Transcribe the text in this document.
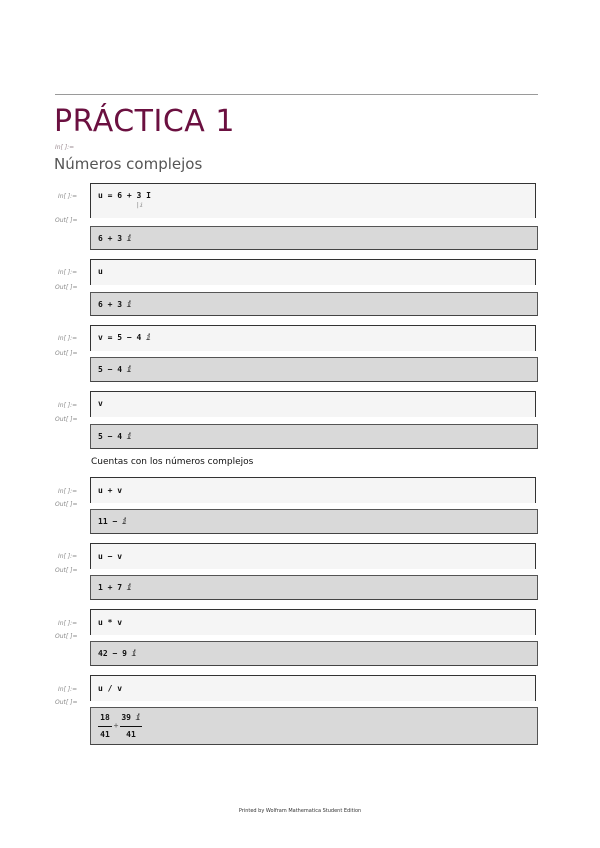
PRÁCTICA 1
In[ ]:=
Números complejos
In[ ]:=
Out[ ]=
u = 6 + 3 I
|ⅈ
6 + 3 ⅈ
In[ ]:=
Out[ ]=
u
6 + 3 ⅈ
In[ ]:=
Out[ ]=
v = 5 − 4 ⅈ
5 − 4 ⅈ
In[ ]:=
Out[ ]=
v
5 − 4 ⅈ
Cuentas con los números complejos
In[ ]:=
Out[ ]=
u + v
11 − ⅈ
In[ ]:=
Out[ ]=
u − v
1 + 7 ⅈ
In[ ]:=
Out[ ]=
u * v
42 − 9 ⅈ
In[ ]:=
Out[ ]=
u / v
18
41
+
39 ⅈ
41
Printed by Wolfram Mathematica Student Edition
